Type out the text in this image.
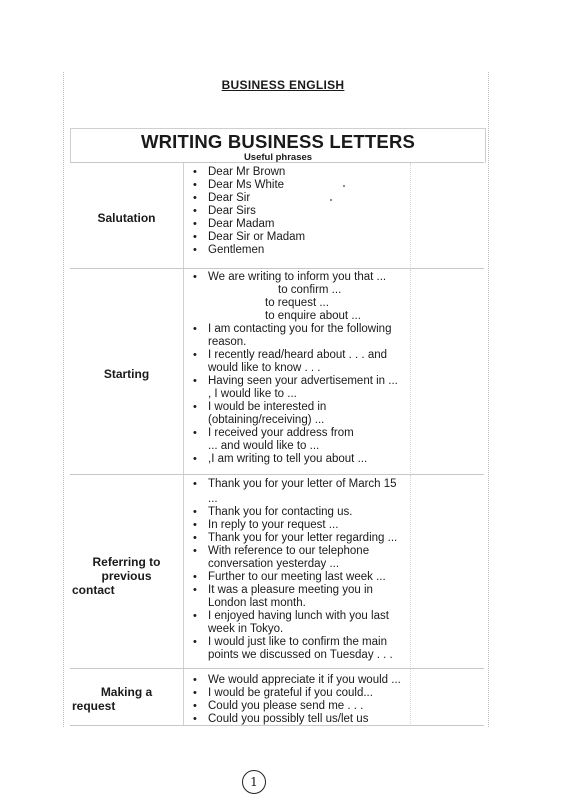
BUSINESS ENGLISH
WRITING BUSINESS LETTERS
Useful phrases
Salutation
• Dear Mr Brown
• Dear Ms White
• Dear Sir
• Dear Sirs
• Dear Madam
• Dear Sir or Madam
• Gentlemen
Starting
• We are writing to inform you that ...
to confirm ...
to request ...
to enquire about ...
• I am contacting you for the following
reason.
• I recently read/heard about . . . and
would like to know . . .
• Having seen your advertisement in ...
, I would like to ...
• I would be interested in
(obtaining/receiving) ...
• I received your address from
... and would like to ...
• ,I am writing to tell you about ...
Referring to
previous
contact
• Thank you for your letter of March 15
...
• Thank you for contacting us.
• In reply to your request ...
• Thank you for your letter regarding ...
• With reference to our telephone
conversation yesterday ...
• Further to our meeting last week ...
• It was a pleasure meeting you in
London last month.
• I enjoyed having lunch with you last
week in Tokyo.
• I would just like to confirm the main
points we discussed on Tuesday . . .
Making a
request
• We would appreciate it if you would ...
• I would be grateful if you could...
• Could you please send me . . .
• Could you possibly tell us/let us
1
